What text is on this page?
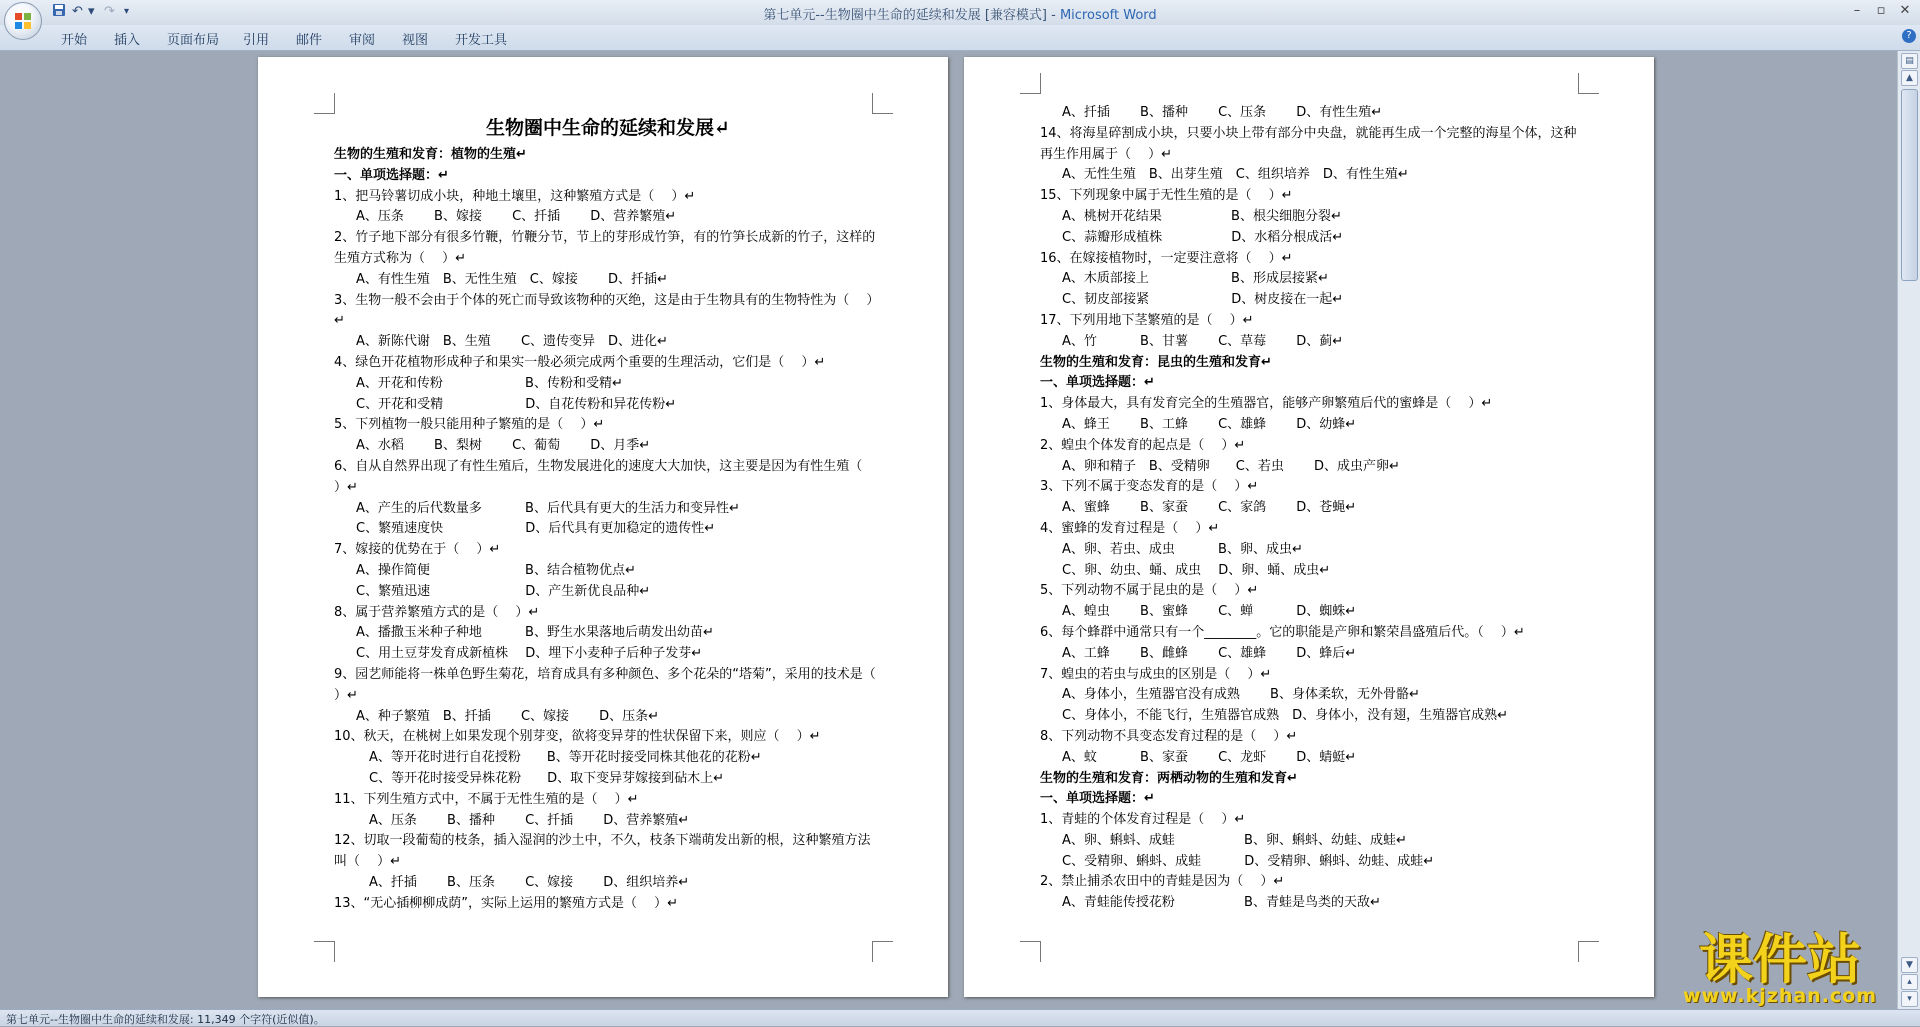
↶ ▾ ↷ ▾	第七单元--生物圈中生命的延续和发展 [兼容模式] - Microsoft Word	–	▫	✕
开始 插入 页面布局 引用 邮件 审阅 视图 开发工具	?
生物圈中生命的延续和发展↵
生物的生殖和发育：植物的生殖↵
一、单项选择题：↵
1、把马铃薯切成小块，种地土壤里，这种繁殖方式是（　 ）↵
A、压条　　 B、嫁接　　 C、扦插　　 D、营养繁殖↵
2、竹子地下部分有很多竹鞭，竹鞭分节，节上的芽形成竹笋，有的竹笋长成新的竹子，这样的生殖方式称为（　 ）↵
A、有性生殖　B、无性生殖　C、嫁接　　 D、扦插↵
3、生物一般不会由于个体的死亡而导致该物种的灭绝，这是由于生物具有的生物特性为（　 ）↵
A、新陈代谢　B、生殖　　 C、遗传变异　D、进化↵
4、绿色开花植物形成种子和果实一般必须完成两个重要的生理活动，它们是（　 ）↵
A、开花和传粉　　　　　　 B、传粉和受精↵
C、开花和受精　　　　　　 D、自花传粉和异花传粉↵
5、下列植物一般只能用种子繁殖的是（　 ）↵
A、水稻　　 B、梨树　　 C、葡萄　　 D、月季↵
6、自从自然界出现了有性生殖后，生物发展进化的速度大大加快，这主要是因为有性生殖（　 ）↵
A、产生的后代数量多　　　 B、后代具有更大的生活力和变异性↵
C、繁殖速度快　　　　　　 D、后代具有更加稳定的遗传性↵
7、嫁接的优势在于（　 ）↵
A、操作简便　　　　　　　 B、结合植物优点↵
C、繁殖迅速　　　　　　　 D、产生新优良品种↵
8、属于营养繁殖方式的是（　 ）↵
A、播撒玉米种子种地　　　 B、野生水果落地后萌发出幼苗↵
C、用土豆芽发育成新植株　 D、埋下小麦种子后种子发芽↵
9、园艺师能将一株单色野生菊花，培育成具有多种颜色、多个花朵的“塔菊”，采用的技术是（　 ）↵
A、种子繁殖　B、扦插　　 C、嫁接　　 D、压条↵
10、秋天，在桃树上如果发现个别芽变，欲将变异芽的性状保留下来，则应（　 ）↵
　A、等开花时进行自花授粉　　B、等开花时接受同株其他花的花粉↵
　C、等开花时接受异株花粉　　D、取下变异芽嫁接到砧木上↵
11、下列生殖方式中，不属于无性生殖的是（　 ）↵
　A、压条　　 B、播种　　 C、扦插　　 D、营养繁殖↵
12、切取一段葡萄的枝条，插入湿润的沙土中，不久，枝条下端萌发出新的根，这种繁殖方法叫（　 ）↵
　A、扦插　　 B、压条　　 C、嫁接　　 D、组织培养↵
13、“无心插柳柳成荫”，实际上运用的繁殖方式是（　 ）↵
A、扦插　　 B、播种　　 C、压条　　 D、有性生殖↵
14、将海星碎割成小块，只要小块上带有部分中央盘，就能再生成一个完整的海星个体，这种再生作用属于（　 ）↵
A、无性生殖　B、出芽生殖　C、组织培养　D、有性生殖↵
15、下列现象中属于无性生殖的是（　 ）↵
A、桃树开花结果　　　　　 B、根尖细胞分裂↵
C、蒜瓣形成植株　　　　　 D、水稻分根成活↵
16、在嫁接植物时，一定要注意将（　 ）↵
A、木质部接上　　　　　　 B、形成层接紧↵
C、韧皮部接紧　　　　　　 D、树皮接在一起↵
17、下列用地下茎繁殖的是（　 ）↵
A、竹　　　 B、甘薯　　 C、草莓　　 D、蓟↵
生物的生殖和发育：昆虫的生殖和发育↵
一、单项选择题：↵
1、身体最大，具有发育完全的生殖器官，能够产卵繁殖后代的蜜蜂是（　 ）↵
A、蜂王　　 B、工蜂　　 C、雄蜂　　 D、幼蜂↵
2、蝗虫个体发育的起点是（　 ）↵
A、卵和精子　B、受精卵　　C、若虫　　 D、成虫产卵↵
3、下列不属于变态发育的是（　 ）↵
A、蜜蜂　　 B、家蚕　　 C、家鸽　　 D、苍蝇↵
4、蜜蜂的发育过程是（　 ）↵
A、卵、若虫、成虫　　　 B、卵、成虫↵
C、卵、幼虫、蛹、成虫　 D、卵、蛹、成虫↵
5、下列动物不属于昆虫的是（　 ）↵
A、蝗虫　　 B、蜜蜂　　 C、蝉　　　 D、蜘蛛↵
6、每个蜂群中通常只有一个________。它的职能是产卵和繁荣昌盛殖后代。（　 ）↵
A、工蜂　　 B、雌蜂　　 C、雄蜂　　 D、蜂后↵
7、蝗虫的若虫与成虫的区别是（　 ）↵
A、身体小，生殖器官没有成熟　　 B、身体柔软，无外骨骼↵
C、身体小，不能飞行，生殖器官成熟　D、身体小，没有翅，生殖器官成熟↵
8、下列动物不具变态发育过程的是（　 ）↵
A、蚊　　　 B、家蚕　　 C、龙虾　　 D、蜻蜓↵
生物的生殖和发育：两栖动物的生殖和发育↵
一、单项选择题：↵
1、青蛙的个体发育过程是（　 ）↵
A、卵、蝌蚪、成蛙　　　　　 B、卵、蝌蚪、幼蛙、成蛙↵
C、受精卵、蝌蚪、成蛙　　　 D、受精卵、蝌蚪、幼蛙、成蛙↵
2、禁止捕杀农田中的青蛙是因为（　 ）↵
A、青蛙能传授花粉　　　　　 B、青蛙是鸟类的天敌↵
▤
▲
▼
▴
▾
第七单元--生物圈中生命的延续和发展: 11,349 个字符(近似值)。
课件站
www.kjzhan.com
